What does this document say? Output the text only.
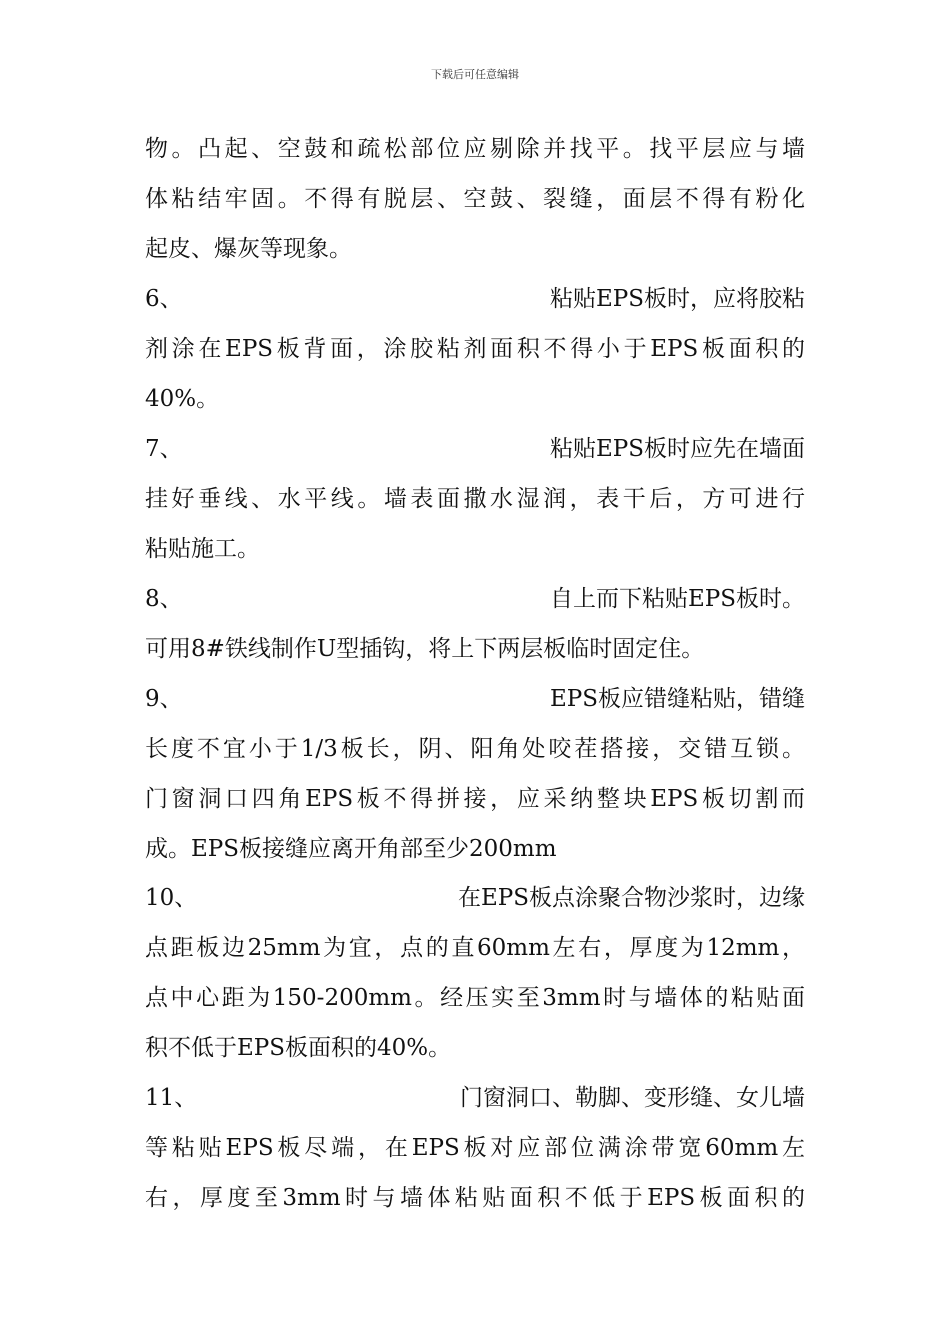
下载后可任意编辑
物。凸起、空鼓和疏松部位应剔除并找平。找平层应与墙
体粘结牢固。不得有脱层、空鼓、裂缝，面层不得有粉化
起皮、爆灰等现象。
6、	粘贴EPS板时，应将胶粘
剂涂在EPS板背面，涂胶粘剂面积不得小于EPS板面积的
40%。
7、	粘贴EPS板时应先在墙面
挂好垂线、水平线。墙表面撒水湿润，表干后，方可进行
粘贴施工。
8、	自上而下粘贴EPS板时。
可用8#铁线制作U型插钩，将上下两层板临时固定住。
9、	EPS板应错缝粘贴，错缝
长度不宜小于1/3板长，阴、阳角处咬茬搭接，交错互锁。
门窗洞口四角EPS板不得拼接，应采纳整块EPS板切割而
成。EPS板接缝应离开角部至少200mm
10、	在EPS板点涂聚合物沙浆时，边缘
点距板边25mm为宜，点的直60mm左右，厚度为12mm，
点中心距为150-200mm。经压实至3mm时与墙体的粘贴面
积不低于EPS板面积的40%。
11、	门窗洞口、勒脚、变形缝、女儿墙
等粘贴EPS板尽端，在EPS板对应部位满涂带宽60mm左
右，厚度至3mm时与墙体粘贴面积不低于EPS板面积的
